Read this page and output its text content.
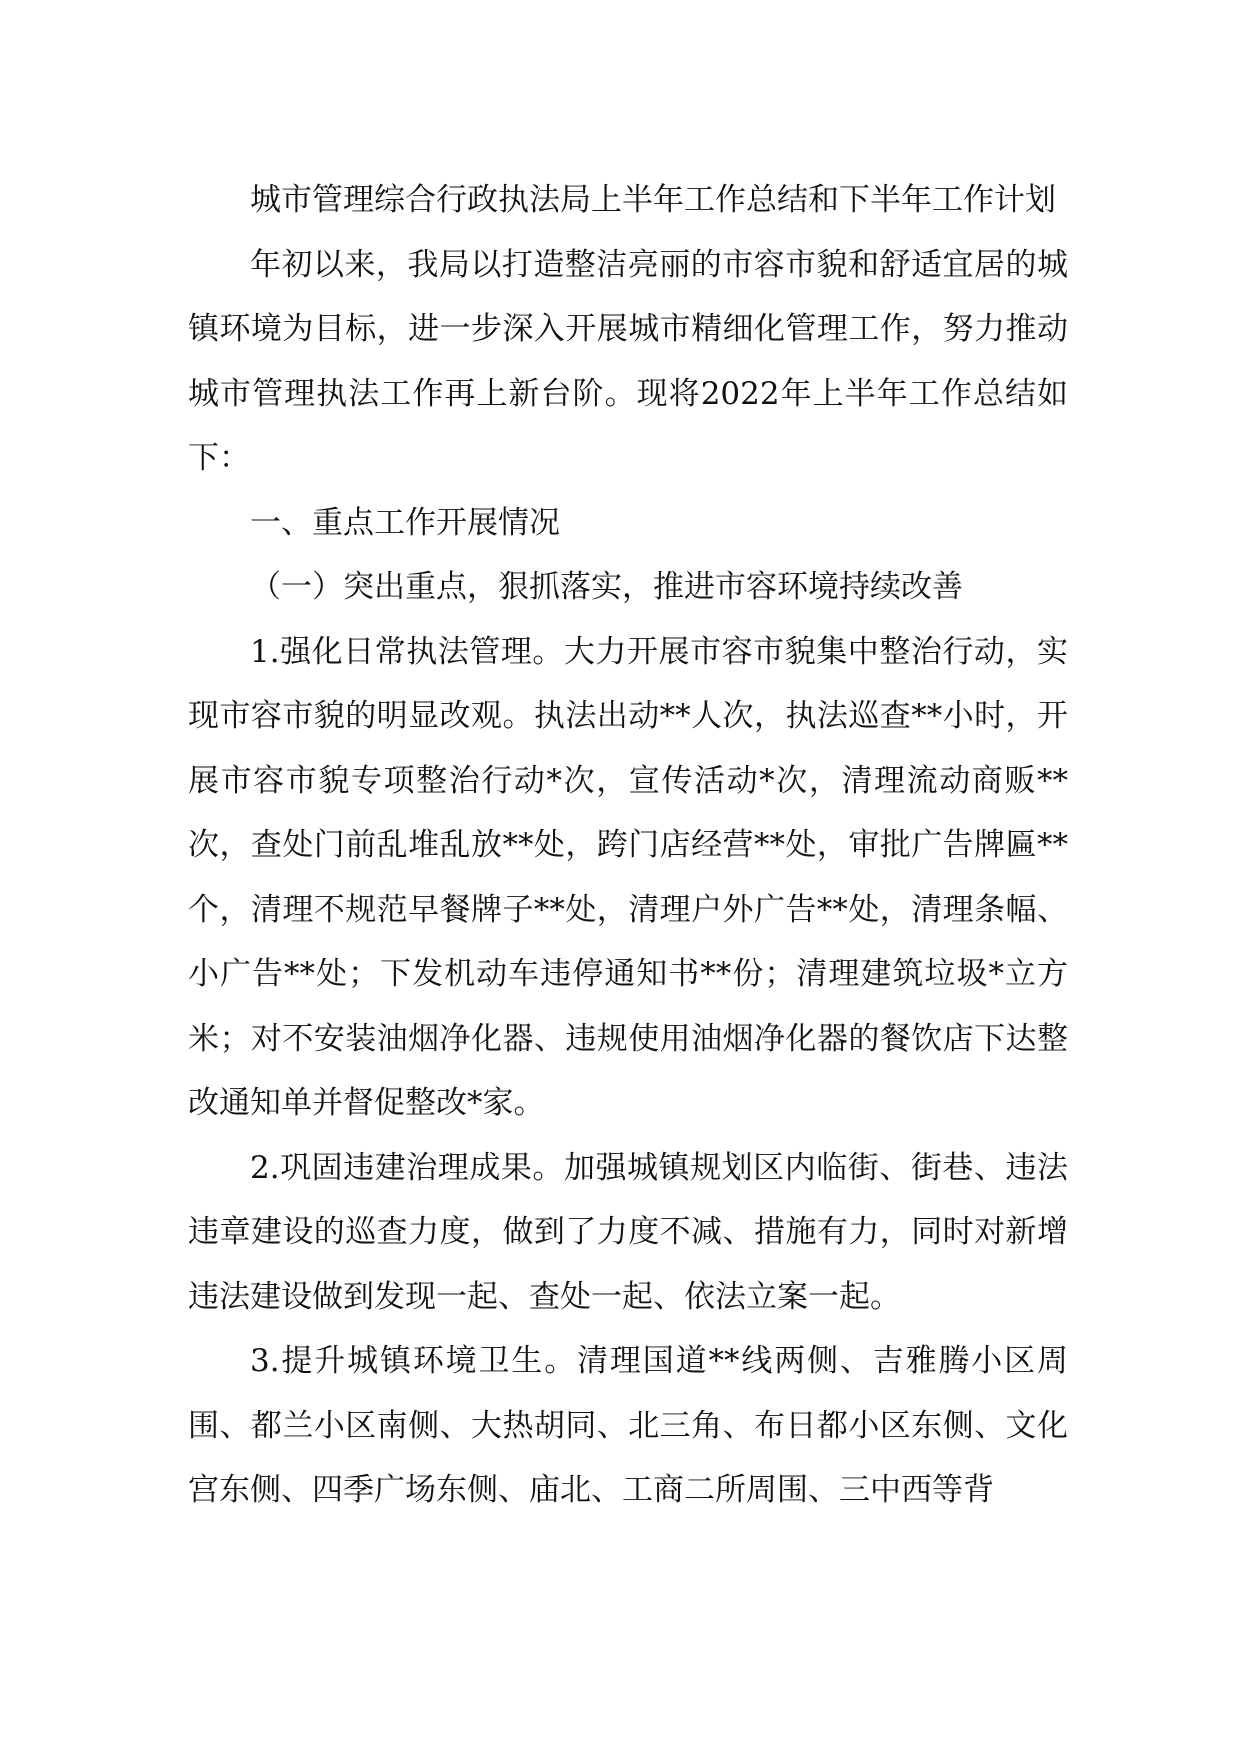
城市管理综合行政执法局上半年工作总结和下半年工作计划

年初以来，我局以打造整洁亮丽的市容市貌和舒适宜居的城镇环境为目标，进一步深入开展城市精细化管理工作，努力推动城市管理执法工作再上新台阶。现将2022年上半年工作总结如下：

一、重点工作开展情况

（一）突出重点，狠抓落实，推进市容环境持续改善

1.强化日常执法管理。大力开展市容市貌集中整治行动，实现市容市貌的明显改观。执法出动**人次，执法巡查**小时，开展市容市貌专项整治行动*次，宣传活动*次，清理流动商贩**次，查处门前乱堆乱放**处，跨门店经营**处，审批广告牌匾**个，清理不规范早餐牌子**处，清理户外广告**处，清理条幅、小广告**处；下发机动车违停通知书**份；清理建筑垃圾*立方米；对不安装油烟净化器、违规使用油烟净化器的餐饮店下达整改通知单并督促整改*家。

2.巩固违建治理成果。加强城镇规划区内临街、街巷、违法违章建设的巡查力度，做到了力度不减、措施有力，同时对新增违法建设做到发现一起、查处一起、依法立案一起。

3.提升城镇环境卫生。清理国道**线两侧、吉雅腾小区周围、都兰小区南侧、大热胡同、北三角、布日都小区东侧、文化宫东侧、四季广场东侧、庙北、工商二所周围、三中西等背
